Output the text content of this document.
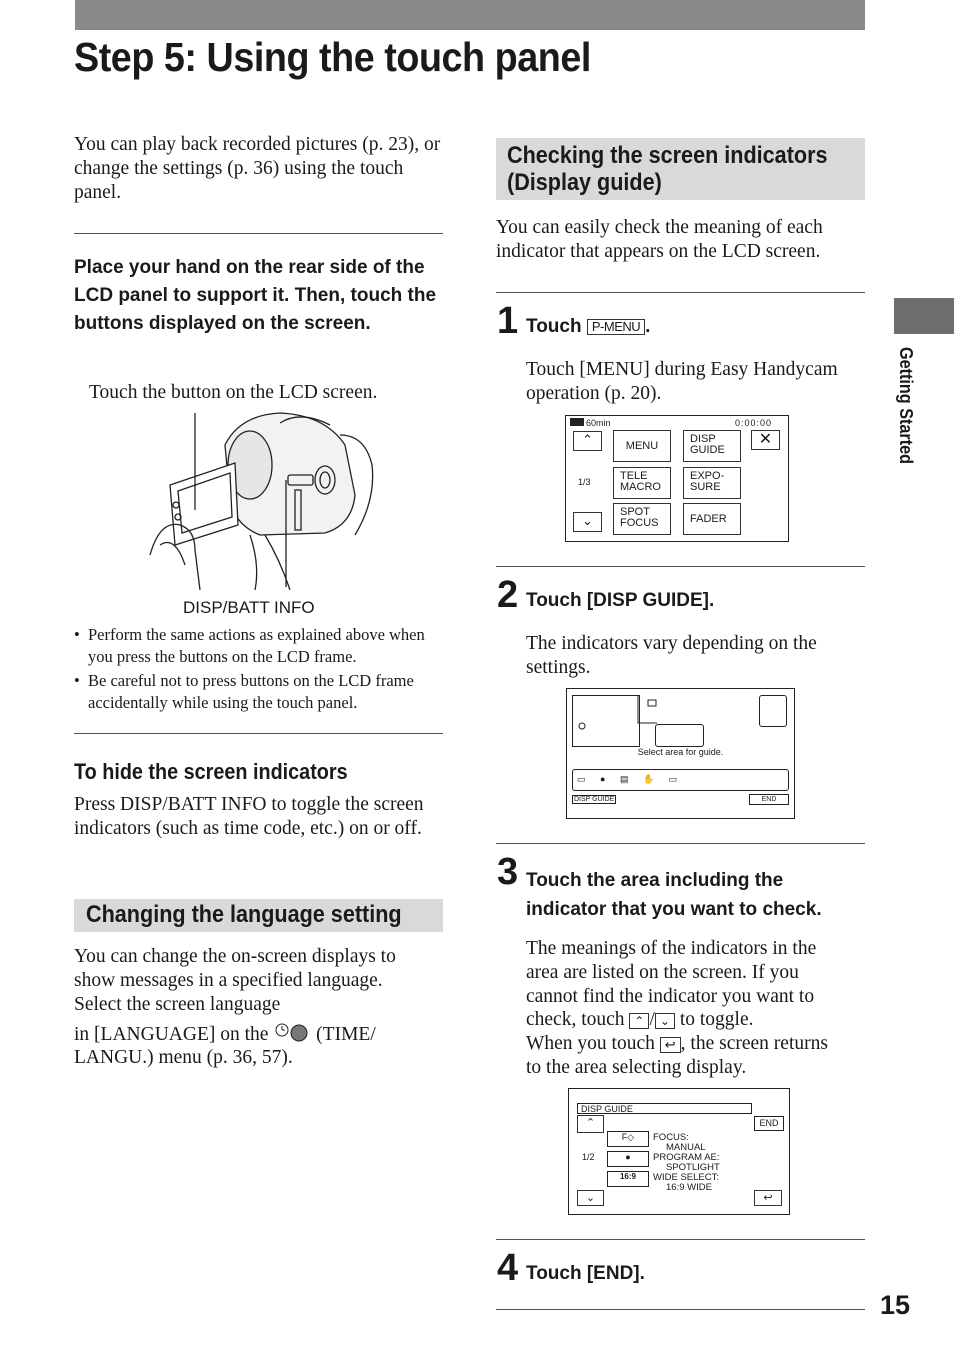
Step 5: Using the touch panel
Getting Started
You can play back recorded pictures (p. 23), or change the settings (p. 36) using the touch panel.
Place your hand on the rear side of the LCD panel to support it. Then, touch the buttons displayed on the screen.
Touch the button on the LCD screen.
DISP/BATT INFO
• Perform the same actions as explained above when you press the buttons on the LCD frame.
• Be careful not to press buttons on the LCD frame accidentally while using the touch panel.
To hide the screen indicators
Press DISP/BATT INFO to toggle the screen indicators (such as time code, etc.) on or off.
Changing the language setting
You can change the on-screen displays to show messages in a specified language. Select the screen language
in [LANGUAGE] on the (TIME/
LANGU.) menu (p. 36, 57).
Checking the screen indicators
(Display guide)
You can easily check the meaning of each indicator that appears on the LCD screen.
1 Touch P-MENU .
Touch [MENU] during Easy Handycam operation (p. 20).
60min	0:00:00
⌃
1/3
⌄
MENU
DISP
GUIDE
✕
TELE
MACRO
EXPO-
SURE
SPOT
FOCUS	FADER
2 Touch [DISP GUIDE].
The indicators vary depending on the settings.
Select area for guide.
▭ ● ▤ ✋ ▭
DISP GUIDE	END
3 Touch the area including the indicator that you want to check.
The meanings of the indicators in the area are listed on the screen. If you cannot find the indicator you want to
check, touch ⌃ / ⌄ to toggle.
When you touch ↩ , the screen returns
to the area selecting display.
DISP GUIDE
END
⌃
1/2
⌄	↩
F◇
●
16:9
FOCUS:
MANUAL
PROGRAM AE:
SPOTLIGHT
WIDE SELECT:
16:9 WIDE
4 Touch [END].
15
